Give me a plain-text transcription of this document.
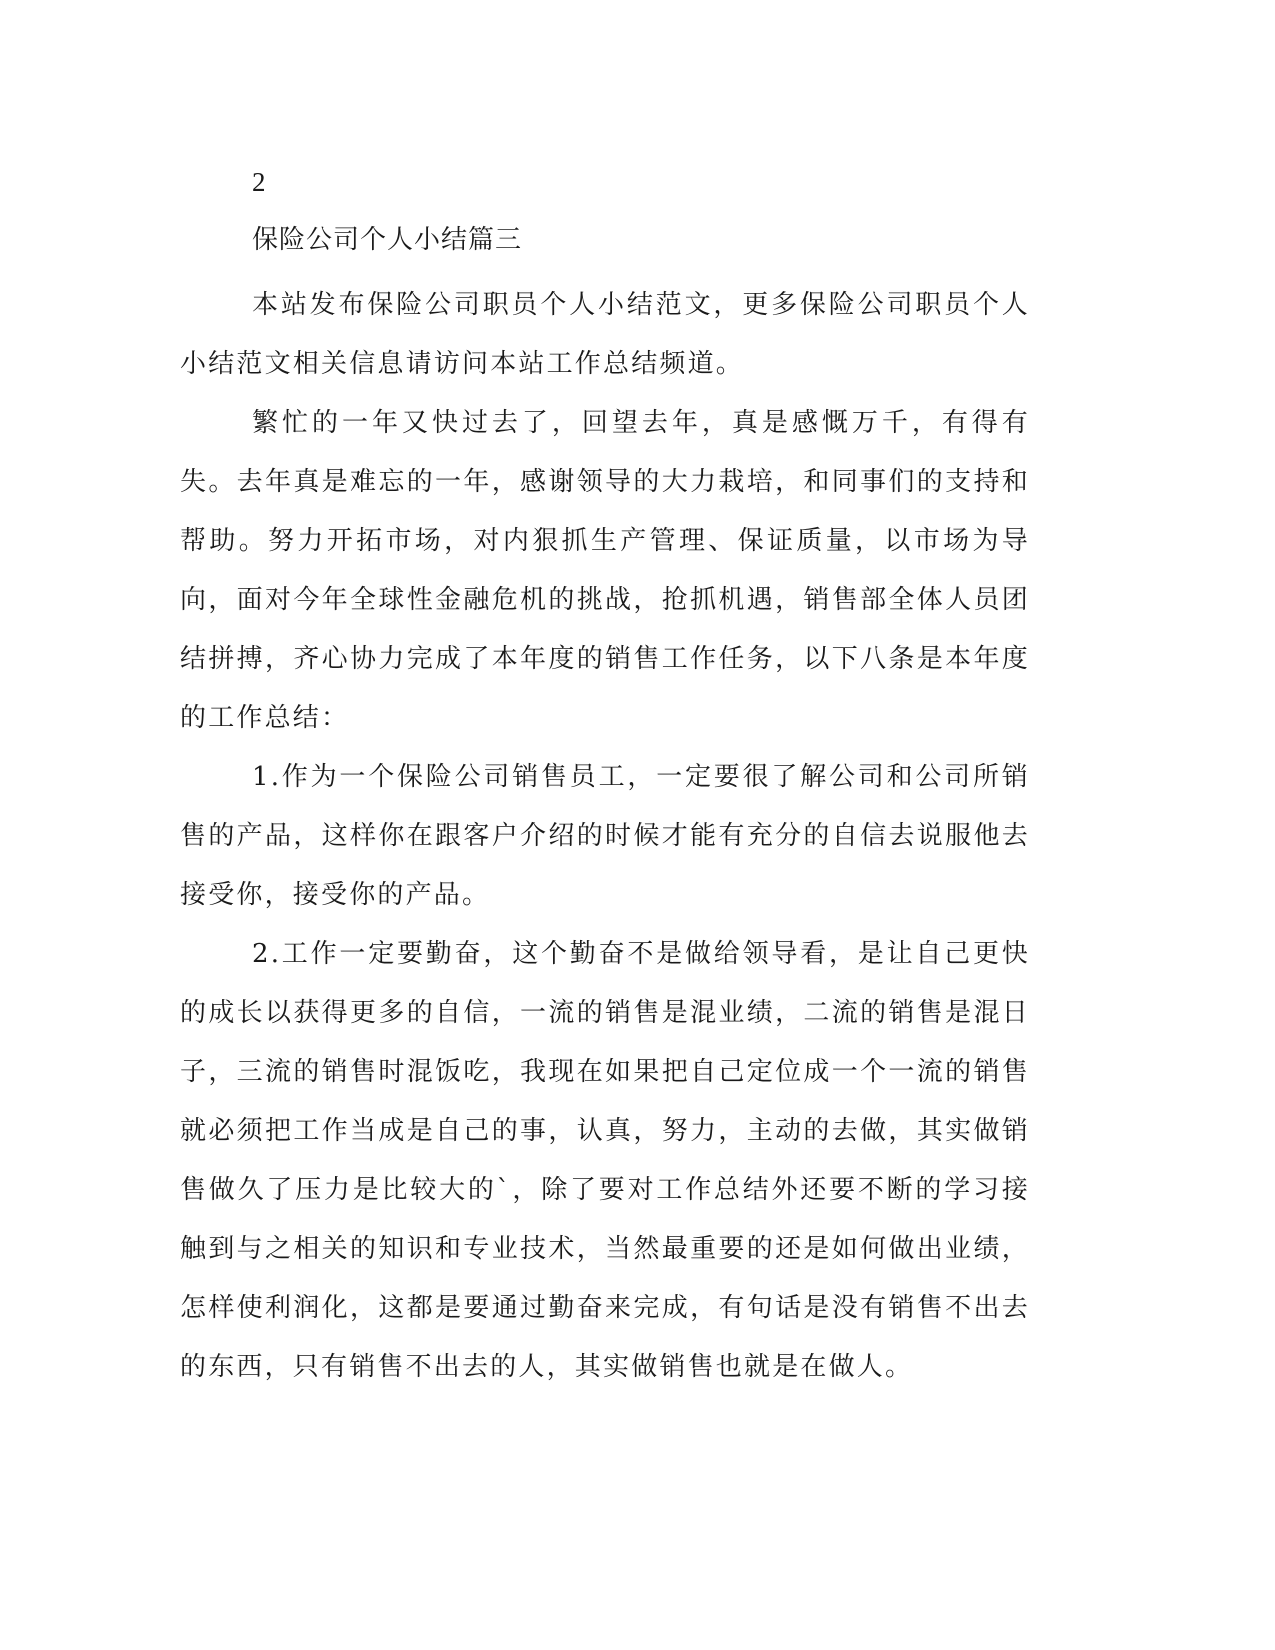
2
保险公司个人小结篇三

本站发布保险公司职员个人小结范文，更多保险公司职员个人小结范文相关信息请访问本站工作总结频道。

繁忙的一年又快过去了，回望去年，真是感慨万千，有得有失。去年真是难忘的一年，感谢领导的大力栽培，和同事们的支持和帮助。努力开拓市场，对内狠抓生产管理、保证质量，以市场为导向，面对今年全球性金融危机的挑战，抢抓机遇，销售部全体人员团结拼搏，齐心协力完成了本年度的销售工作任务，以下八条是本年度的工作总结：

1.作为一个保险公司销售员工，一定要很了解公司和公司所销售的产品，这样你在跟客户介绍的时候才能有充分的自信去说服他去接受你，接受你的产品。

2.工作一定要勤奋，这个勤奋不是做给领导看，是让自己更快的成长以获得更多的自信，一流的销售是混业绩，二流的销售是混日子，三流的销售时混饭吃，我现在如果把自己定位成一个一流的销售就必须把工作当成是自己的事，认真，努力，主动的去做，其实做销售做久了压力是比较大的`，除了要对工作总结外还要不断的学习接触到与之相关的知识和专业技术，当然最重要的还是如何做出业绩，怎样使利润化，这都是要通过勤奋来完成，有句话是没有销售不出去的东西，只有销售不出去的人，其实做销售也就是在做人。
